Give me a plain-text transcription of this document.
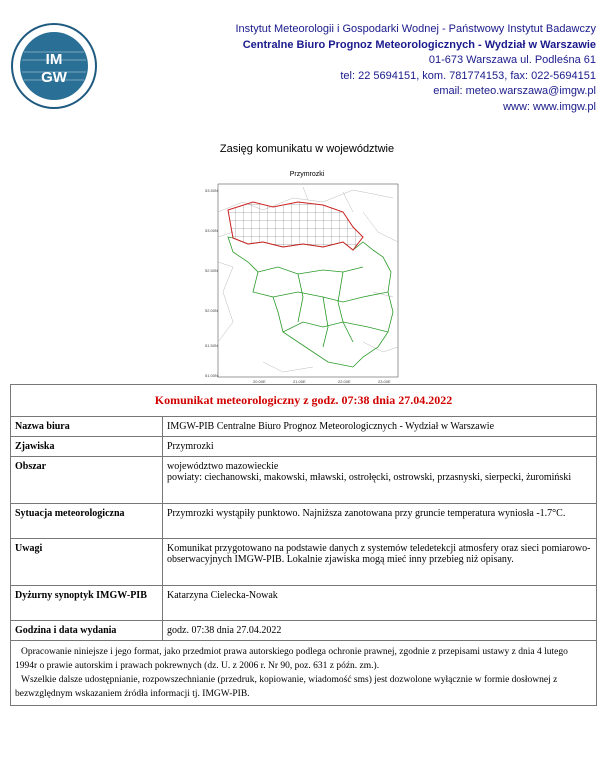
IM
GW
Instytut Meteorologii i Gospodarki Wodnej - Państwowy Instytut Badawczy
Centralne Biuro Prognoz Meteorologicznych - Wydział w Warszawie
01-673 Warszawa ul. Podleśna 61
tel: 22 5694151, kom. 781774153, fax: 022-5694151
email: meteo.warszawa@imgw.pl
www: www.imgw.pl
Zasięg komunikatu w województwie
Przymrozki
53.50N
53.00N
52.50N
52.00N
51.50N
51.00N
20.00E	21.00E	22.00E	23.00E
Komunikat meteorologiczny z godz. 07:38 dnia 27.04.2022	
Nazwa biura	IMGW-PIB Centralne Biuro Prognoz Meteorologicznych - Wydział w Warszawie
Zjawiska	Przymrozki
Obszar	województwo mazowieckie
powiaty: ciechanowski, makowski, mławski, ostrołęcki, ostrowski, przasnyski, sierpecki, żuromiński

Sytuacja meteorologiczna	Przymrozki wystąpiły punktowo. Najniższa zanotowana przy gruncie temperatura wyniosła -1.7°C.
Uwagi	Komunikat przygotowano na podstawie danych z systemów teledetekcji atmosfery oraz sieci pomiarowo-obserwacyjnych IMGW-PIB. Lokalnie zjawiska mogą mieć inny przebieg niż opisany.
Dyżurny synoptyk IMGW-PIB	Katarzyna Cielecka-Nowak
Godzina i data wydania	godz. 07:38 dnia 27.04.2022

Opracowanie niniejsze i jego format, jako przedmiot prawa autorskiego podlega ochronie prawnej, zgodnie z przepisami ustawy z dnia 4 lutego 1994r o prawie autorskim i prawach pokrewnych (dz. U. z 2006 r. Nr 90, poz. 631 z późn. zm.).
Wszelkie dalsze udostępnianie, rozpowszechnianie (przedruk, kopiowanie, wiadomość sms) jest dozwolone wyłącznie w formie dosłownej z bezwzględnym wskazaniem źródła informacji tj. IMGW-PIB.	
